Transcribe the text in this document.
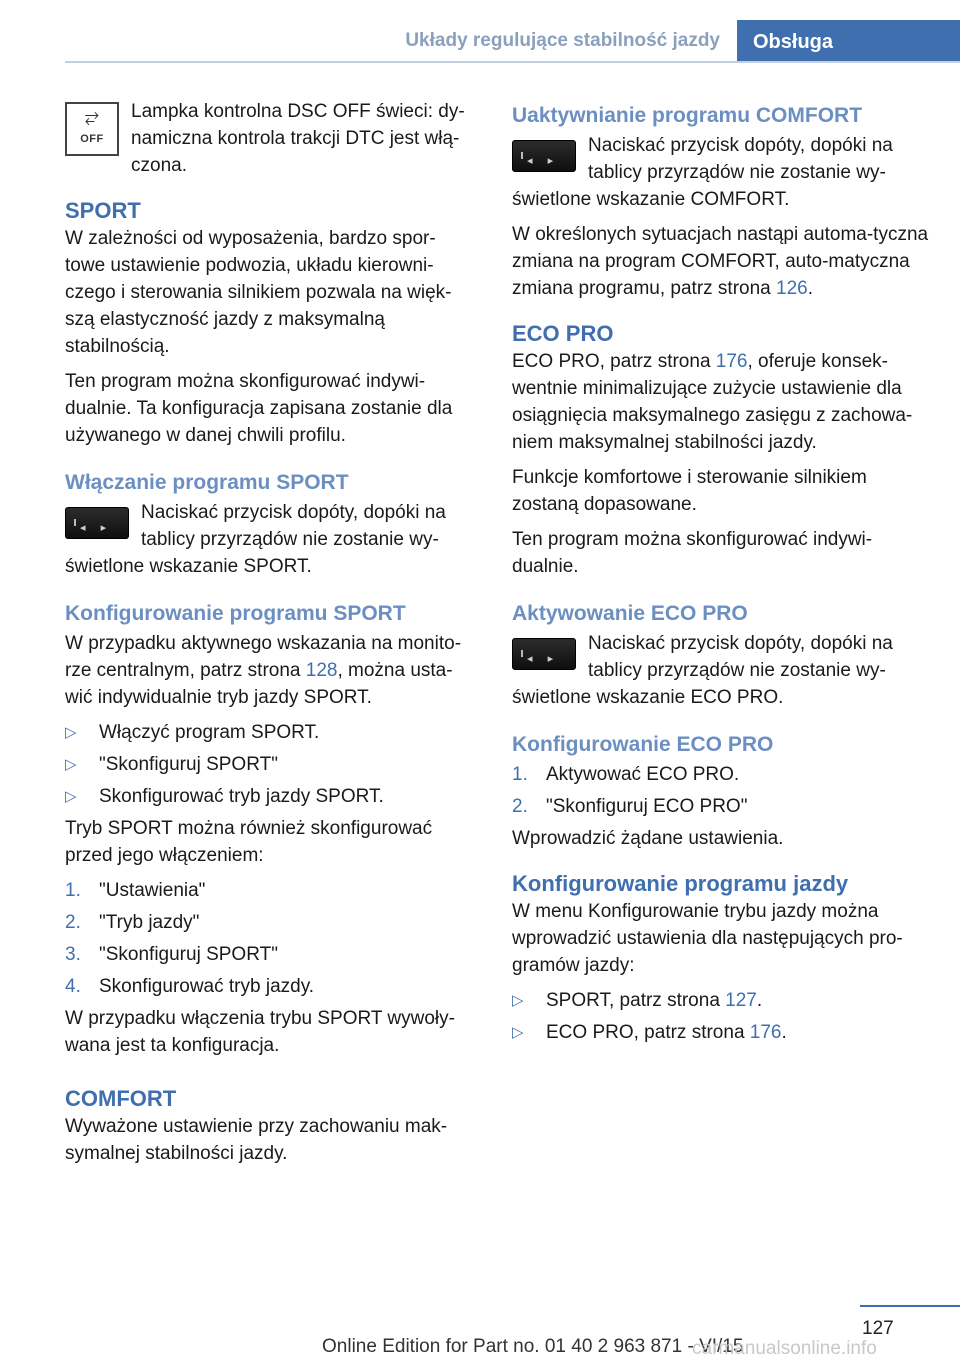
Układy regulujące stabilność jazdy	Obsługa
⥂
OFF

Lampka kontrolna DSC OFF świeci: dy‐namiczna kontrola trakcji DTC jest włą‐czona.

SPORT

W zależności od wyposażenia, bardzo spor‐towe ustawienie podwozia, układu kierowni‐czego i sterowania silnikiem pozwala na więk‐szą elastyczność jazdy z maksymalną stabilnością.

Ten program można skonfigurować indywi‐dualnie. Ta konfiguracja zapisana zostanie dla używanego w danej chwili profilu.

Włączanie programu SPORT
◂ ▸

Naciskać przycisk dopóty, dopóki na tablicy przyrządów nie zostanie wy‐świetlone wskazanie SPORT.

Konfigurowanie programu SPORT

W przypadku aktywnego wskazania na monito‐rze centralnym, patrz strona 128, można usta‐wić indywidualnie tryb jazdy SPORT.

▷ Włączyć program SPORT.
▷ "Skonfiguruj SPORT"
▷ Skonfigurować tryb jazdy SPORT.

Tryb SPORT można również skonfigurować przed jego włączeniem:

1. "Ustawienia"
2. "Tryb jazdy"
3. "Skonfiguruj SPORT"
4. Skonfigurować tryb jazdy.

W przypadku włączenia trybu SPORT wywoły‐wana jest ta konfiguracja.

COMFORT

Wyważone ustawienie przy zachowaniu mak‐symalnej stabilności jazdy.

Uaktywnianie programu COMFORT
◂ ▸

Naciskać przycisk dopóty, dopóki na tablicy przyrządów nie zostanie wy‐świetlone wskazanie COMFORT.

W określonych sytuacjach nastąpi automa‐tyczna zmiana na program COMFORT, auto‐matyczna zmiana programu, patrz strona 126.

ECO PRO

ECO PRO, patrz strona 176, oferuje konsek‐wentnie minimalizujące zużycie ustawienie dla osiągnięcia maksymalnego zasięgu z zachowa‐niem maksymalnej stabilności jazdy.

Funkcje komfortowe i sterowanie silnikiem zostaną dopasowane.

Ten program można skonfigurować indywi‐dualnie.

Aktywowanie ECO PRO
◂ ▸

Naciskać przycisk dopóty, dopóki na tablicy przyrządów nie zostanie wy‐świetlone wskazanie ECO PRO.

Konfigurowanie ECO PRO
1. Aktywować ECO PRO.
2. "Skonfiguruj ECO PRO"

Wprowadzić żądane ustawienia.

Konfigurowanie programu jazdy

W menu Konfigurowanie trybu jazdy można wprowadzić ustawienia dla następujących pro‐gramów jazdy:

▷ SPORT, patrz strona 127.
▷ ECO PRO, patrz strona 176.
127
Online Edition for Part no. 01 40 2 963 871 - VI/15
carmanualsonline.info
